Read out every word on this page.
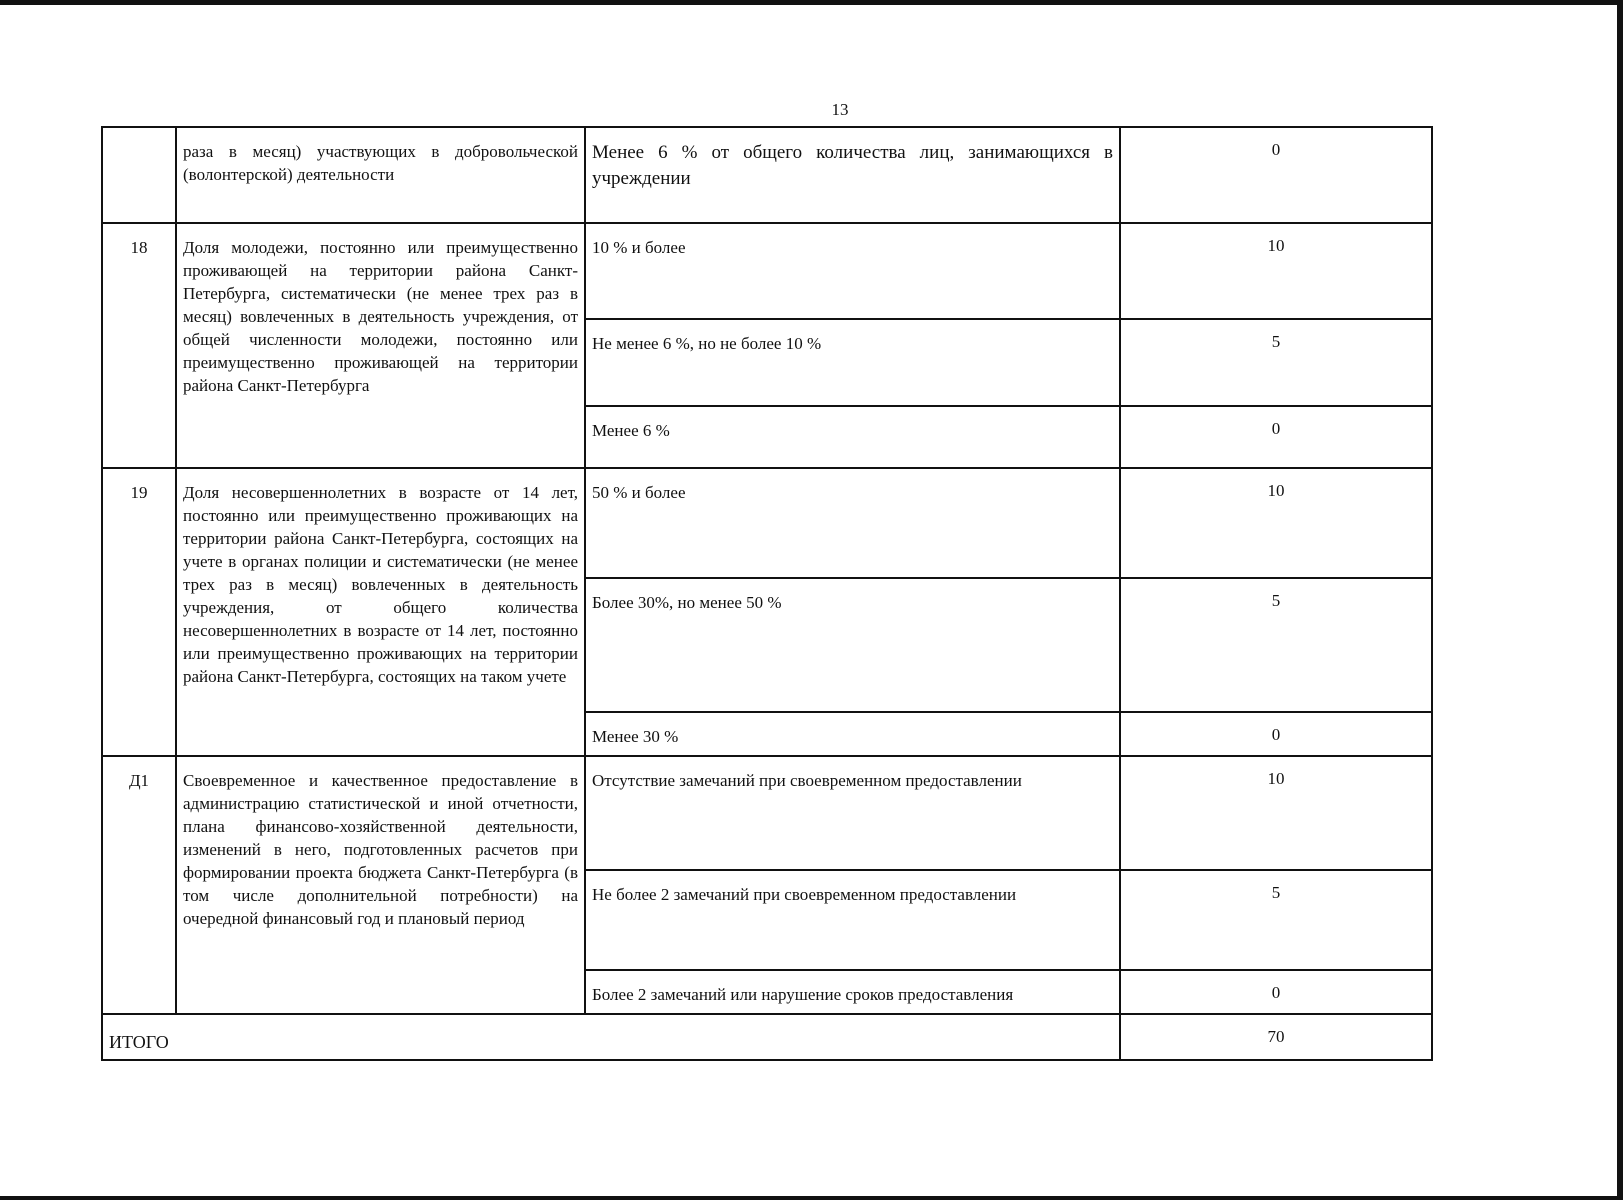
13
	раза в месяц) участвующих в добровольческой (волонтерской) деятельности	Менее 6 % от общего количества лиц, занимающихся в учреждении	0
18	Доля молодежи, постоянно или преимущественно проживающей на территории района Санкт-Петербурга, систематически (не менее трех раз в месяц) вовлеченных в деятельность учреждения, от общей численности молодежи, постоянно или преимущественно проживающей на территории района Санкт-Петербурга	10 % и более	10
		Не менее 6 %, но не более 10 %	5
		Менее 6 %	0
19	Доля несовершеннолетних в возрасте от 14 лет, постоянно или преимущественно проживающих на территории района Санкт-Петербурга, состоящих на учете в органах полиции и систематически (не менее трех раз в месяц) вовлеченных в деятельность учреждения, от общего количества несовершеннолетних в возрасте от 14 лет, постоянно или преимущественно проживающих на территории района Санкт-Петербурга, состоящих на таком учете	50 % и более	10
		Более 30%, но менее 50 %	5
		Менее 30 %	0
Д1	Своевременное и качественное предоставление в администрацию статистической и иной отчетности, плана финансово-хозяйственной деятельности, изменений в него, подготовленных расчетов при формировании проекта бюджета Санкт-Петербурга (в том числе дополнительной потребности) на очередной финансовый год и плановый период	Отсутствие замечаний при своевременном предоставлении	10
		Не более 2 замечаний при своевременном предоставлении	5
		Более 2 замечаний или нарушение сроков предоставления	0
ИТОГО			70
